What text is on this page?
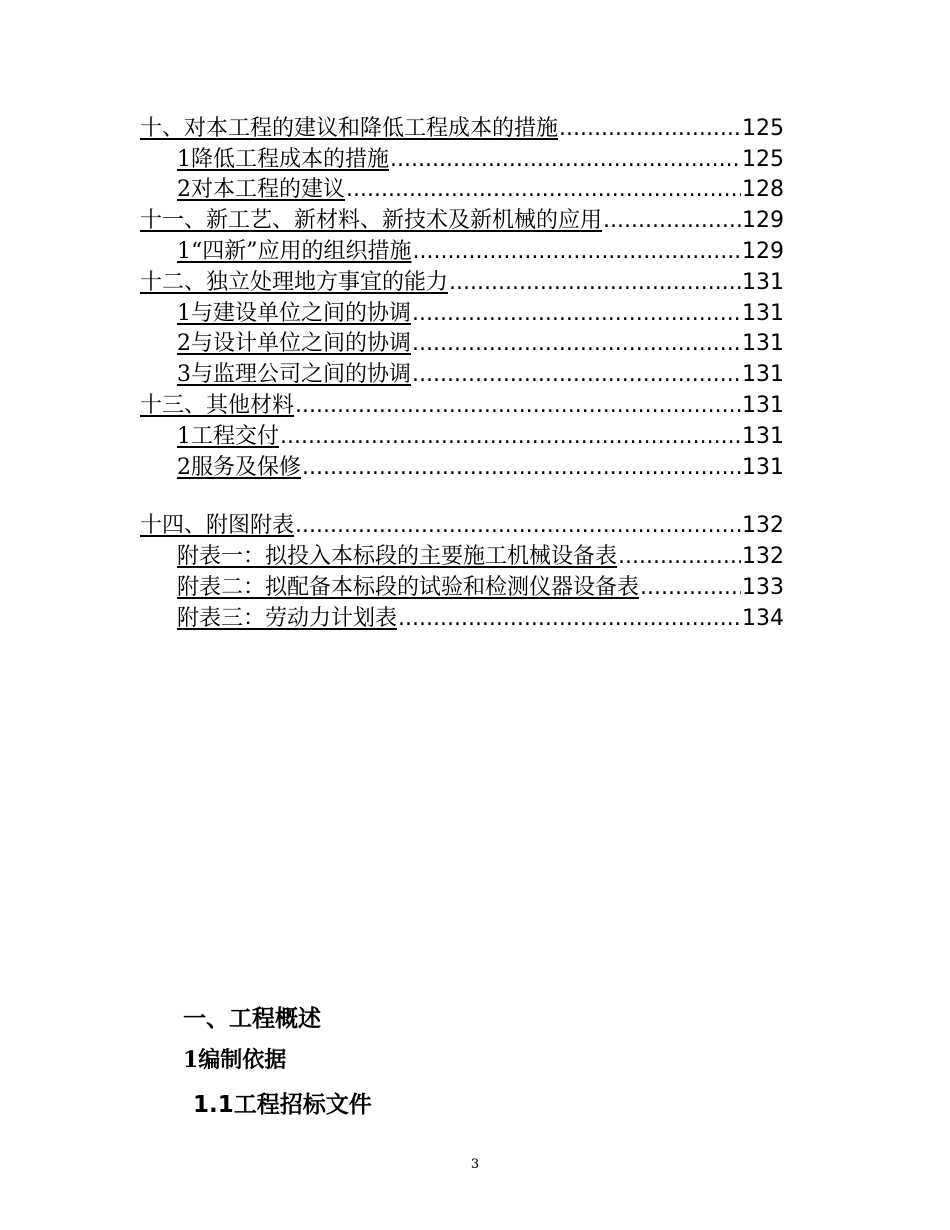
十、对本工程的建议和降低工程成本的措施 .....	125
1降低工程成本的措施 .....	125
2对本工程的建议 .....	128
十一、新工艺、新材料、新技术及新机械的应用 .....	129
1“四新”应用的组织措施 .....	129
十二、独立处理地方事宜的能力 .....	131
1与建设单位之间的协调 .....	131
2与设计单位之间的协调 .....	131
3与监理公司之间的协调 .....	131
十三、其他材料 .....	131
1工程交付 .....	131
2服务及保修 .....	131
十四、附图附表 .....	132
附表一：拟投入本标段的主要施工机械设备表 .....	132
附表二：拟配备本标段的试验和检测仪器设备表 .....	133
附表三：劳动力计划表 .....	134
一、工程概述
1编制依据
1.1工程招标文件
3
